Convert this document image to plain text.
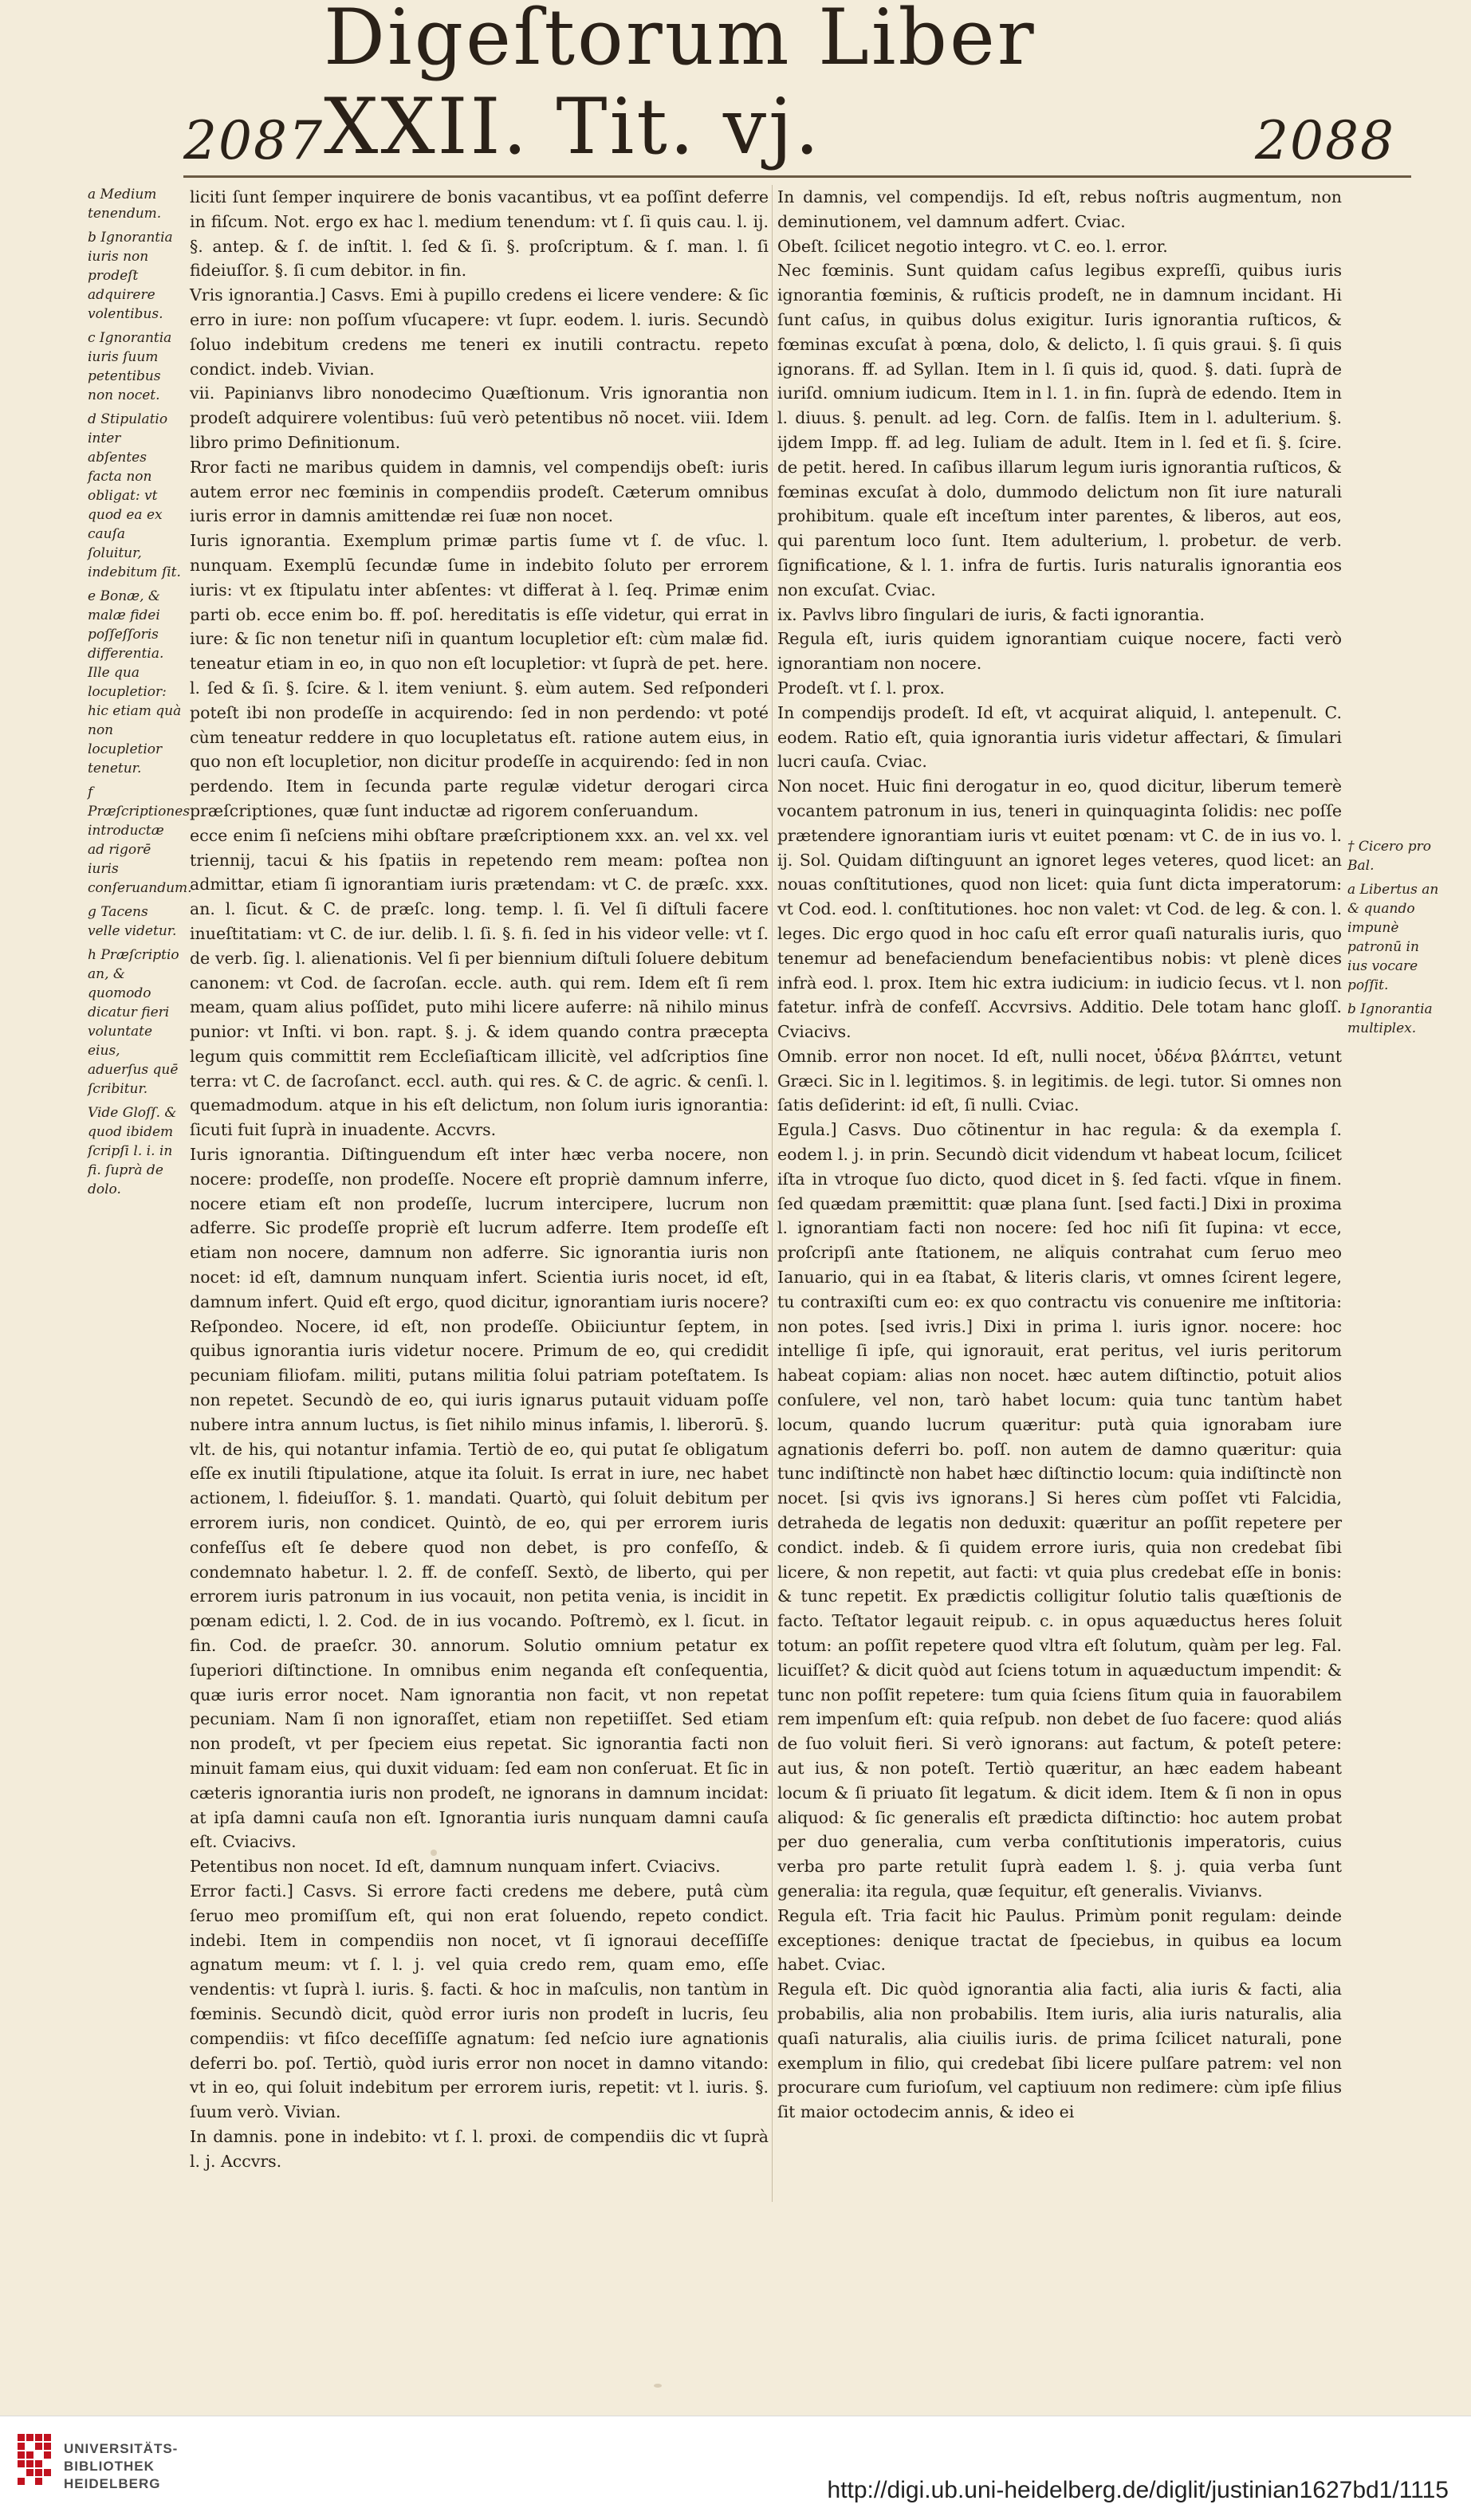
2087
Digeſtorum Liber XXII. Tit. vj.	2088

a Medium tenendum.

b Ignorantia iuris non prodeſt adquirere volentibus.

c Ignorantia iuris ſuum petentibus non nocet.

d Stipulatio inter abſentes facta non obligat: vt quod ea ex cauſa ſoluitur, indebitum ſit.

e Bonæ, & malæ fidei poſſeſſoris differentia. Ille qua locupletior: hic etiam quà non locupletior tenetur.

f Præſcriptiones introductæ ad rigorē iuris conſeruandum.

g Tacens velle videtur.

h Præſcriptio an, & quomodo dicatur fieri voluntate eius, aduerſus quē ſcribitur.

Vide Gloſſ. & quod ibidem ſcripſi l. i. in fi. ſuprà de dolo.

liciti ſunt ſemper inquirere de bonis vacantibus, vt ea poſſint deferre in fiſcum. Not. ergo ex hac l. medium tenendum: vt ſ. ſi quis cau. l. ij. §. antep. & ſ. de inſtit. l. ſed & ſi. §. proſcriptum. & ſ. man. l. ſi fideiuſſor. §. ſi cum debitor. in fin.

Vris ignorantia.] Casvs. Emi à pupillo credens ei licere vendere: & ſic erro in iure: non poſſum vſucapere: vt ſupr. eodem. l. iuris. Secundò ſoluo indebitum credens me teneri ex inutili contractu. repeto condict. indeb. Vivian.

vii. Papinianvs libro nonodecimo Quæſtionum. Vris ignorantia non prodeſt adquirere volentibus: ſuū verò petentibus nõ nocet. viii. Idem libro primo Definitionum.

Rror facti ne maribus quidem in damnis, vel compendijs obeſt: iuris autem error nec fœminis in compendiis prodeſt. Cæterum omnibus iuris error in damnis amittendæ rei ſuæ non nocet.

Iuris ignorantia. Exemplum primæ partis ſume vt ſ. de vſuc. l. nunquam. Exemplū ſecundæ ſume in indebito ſoluto per errorem iuris: vt ex ſtipulatu inter abſentes: vt differat à l. ſeq. Primæ enim parti ob. ecce enim bo. ff. poſ. hereditatis is eſſe videtur, qui errat in iure: & ſic non tenetur niſi in quantum locupletior eſt: cùm malæ fid. teneatur etiam in eo, in quo non eſt locupletior: vt ſuprà de pet. here. l. ſed & ſi. §. ſcire. & l. item veniunt. §. eùm autem. Sed reſponderi poteſt ibi non prodeſſe in acquirendo: ſed in non perdendo: vt poté cùm teneatur reddere in quo locupletatus eſt. ratione autem eius, in quo non eſt locupletior, non dicitur prodeſſe in acquirendo: ſed in non perdendo. Item in ſecunda parte regulæ videtur derogari circa præſcriptiones, quæ ſunt inductæ ad rigorem conſeruandum.

ecce enim ſi neſciens mihi obſtare præſcriptionem xxx. an. vel xx. vel triennij, tacui & his ſpatiis in repetendo rem meam: poſtea non admittar, etiam ſi ignorantiam iuris prætendam: vt C. de præſc. xxx. an. l. ſicut. & C. de præſc. long. temp. l. ſi. Vel ſi diſtuli facere inueſtitatiam: vt C. de iur. delib. l. ſi. §. fi. ſed in his videor velle: vt ſ. de verb. ſig. l. alienationis. Vel ſi per biennium diſtuli ſoluere debitum canonem: vt Cod. de ſacroſan. eccle. auth. qui rem. Idem eſt ſi rem meam, quam alius poſſidet, puto mihi licere auferre: nã nihilo minus punior: vt Inſti. vi bon. rapt. §. j. & idem quando contra præcepta legum quis committit rem Eccleſiaſticam illicitè, vel adſcriptios ſine terra: vt C. de ſacroſanct. eccl. auth. qui res. & C. de agric. & cenſi. l. quemadmodum. atque in his eſt delictum, non ſolum iuris ignorantia: ſicuti fuit ſuprà in inuadente. Accvrs.

Iuris ignorantia. Diſtinguendum eſt inter hæc verba nocere, non nocere: prodeſſe, non prodeſſe. Nocere eſt propriè damnum inferre, nocere etiam eſt non prodeſſe, lucrum intercipere, lucrum non adferre. Sic prodeſſe propriè eſt lucrum adferre. Item prodeſſe eſt etiam non nocere, damnum non adferre. Sic ignorantia iuris non nocet: id eſt, damnum nunquam infert. Scientia iuris nocet, id eſt, damnum infert. Quid eſt ergo, quod dicitur, ignorantiam iuris nocere? Reſpondeo. Nocere, id eſt, non prodeſſe. Obiiciuntur ſeptem, in quibus ignorantia iuris videtur nocere. Primum de eo, qui credidit pecuniam filiofam. militi, putans militia ſolui patriam poteſtatem. Is non repetet. Secundò de eo, qui iuris ignarus putauit viduam poſſe nubere intra annum luctus, is ſiet nihilo minus infamis, l. liberorū. §. vlt. de his, qui notantur infamia. Tertiò de eo, qui putat ſe obligatum eſſe ex inutili ſtipulatione, atque ita ſoluit. Is errat in iure, nec habet actionem, l. fideiuſſor. §. 1. mandati. Quartò, qui ſoluit debitum per errorem iuris, non condicet. Quintò, de eo, qui per errorem iuris confeſſus eſt ſe debere quod non debet, is pro confeſſo, & condemnato habetur. l. 2. ff. de confeſſ. Sextò, de liberto, qui per errorem iuris patronum in ius vocauit, non petita venia, is incidit in pœnam edicti, l. 2. Cod. de in ius vocando. Poſtremò, ex l. ſicut. in fin. Cod. de praeſcr. 30. annorum. Solutio omnium petatur ex ſuperiori diſtinctione. In omnibus enim neganda eſt conſequentia, quæ iuris error nocet. Nam ignorantia non facit, vt non repetat pecuniam. Nam ſi non ignoraſſet, etiam non repetiiſſet. Sed etiam non prodeſt, vt per ſpeciem eius repetat. Sic ignorantia facti non minuit famam eius, qui duxit viduam: ſed eam non conſeruat. Et ſic in cæteris ignorantia iuris non prodeſt, ne ignorans in damnum incidat: at ipſa damni cauſa non eſt. Ignorantia iuris nunquam damni cauſa eſt. Cviacivs.

Petentibus non nocet. Id eſt, damnum nunquam infert. Cviacivs.

Error facti.] Casvs. Si errore facti credens me debere, putâ cùm ſeruo meo promiſſum eſt, qui non erat ſoluendo, repeto condict. indebi. Item in compendiis non nocet, vt ſi ignoraui deceſſiſſe agnatum meum: vt ſ. l. j. vel quia credo rem, quam emo, eſſe vendentis: vt ſuprà l. iuris. §. facti. & hoc in maſculis, non tantùm in fœminis. Secundò dicit, quòd error iuris non prodeſt in lucris, ſeu compendiis: vt fiſco deceſſiſſe agnatum: ſed neſcio iure agnationis deferri bo. poſ. Tertiò, quòd iuris error non nocet in damno vitando: vt in eo, qui ſoluit indebitum per errorem iuris, repetit: vt l. iuris. §. ſuum verò. Vivian.

In damnis. pone in indebito: vt ſ. l. proxi. de compendiis dic vt ſuprà l. j. Accvrs.

In damnis, vel compendijs. Id eſt, rebus noſtris augmentum, non deminutionem, vel damnum adfert. Cviac.

Obeſt. ſcilicet negotio integro. vt C. eo. l. error.

Nec fœminis. Sunt quidam caſus legibus expreſſi, quibus iuris ignorantia fœminis, & ruſticis prodeſt, ne in damnum incidant. Hi ſunt caſus, in quibus dolus exigitur. Iuris ignorantia ruſticos, & fœminas excuſat à pœna, dolo, & delicto, l. ſi quis graui. §. ſi quis ignorans. ff. ad Syllan. Item in l. ſi quis id, quod. §. dati. ſuprà de iuriſd. omnium iudicum. Item in l. 1. in fin. ſuprà de edendo. Item in l. diuus. §. penult. ad leg. Corn. de falſis. Item in l. adulterium. §. ijdem Impp. ff. ad leg. Iuliam de adult. Item in l. ſed et ſi. §. ſcire. de petit. hered. In caſibus illarum legum iuris ignorantia ruſticos, & fœminas excuſat à dolo, dummodo delictum non ſit iure naturali prohibitum. quale eſt inceſtum inter parentes, & liberos, aut eos, qui parentum loco ſunt. Item adulterium, l. probetur. de verb. ſignificatione, & l. 1. infra de furtis. Iuris naturalis ignorantia eos non excuſat. Cviac.

ix. Pavlvs libro ſingulari de iuris, & facti ignorantia.

Regula eſt, iuris quidem ignorantiam cuique nocere, facti verò ignorantiam non nocere.

Prodeſt. vt ſ. l. prox.

In compendijs prodeſt. Id eſt, vt acquirat aliquid, l. antepenult. C. eodem. Ratio eſt, quia ignorantia iuris videtur affectari, & ſimulari lucri cauſa. Cviac.

Non nocet. Huic fini derogatur in eo, quod dicitur, liberum temerè vocantem patronum in ius, teneri in quinquaginta ſolidis: nec poſſe prætendere ignorantiam iuris vt euitet pœnam: vt C. de in ius vo. l. ij. Sol. Quidam diſtinguunt an ignoret leges veteres, quod licet: an nouas conſtitutiones, quod non licet: quia ſunt dicta imperatorum: vt Cod. eod. l. conſtitutiones. hoc non valet: vt Cod. de leg. & con. l. leges. Dic ergo quod in hoc caſu eſt error quaſi naturalis iuris, quo tenemur ad benefaciendum benefacientibus nobis: vt plenè dices infrà eod. l. prox. Item hic extra iudicium: in iudicio ſecus. vt l. non fatetur. infrà de confeſſ. Accvrsivs. Additio. Dele totam hanc gloſſ. Cviacivs.

Omnib. error non nocet. Id eſt, nulli nocet, ὑδένα βλάπτει, vetunt Græci. Sic in l. legitimos. §. in legitimis. de legi. tutor. Si omnes non ſatis deſiderint: id eſt, ſi nulli. Cviac.

Egula.] Casvs. Duo cõtinentur in hac regula: & da exempla ſ. eodem l. j. in prin. Secundò dicit videndum vt habeat locum, ſcilicet iſta in vtroque ſuo dicto, quod dicet in §. ſed facti. vſque in finem. ſed quædam præmittit: quæ plana ſunt. [sed facti.] Dixi in proxima l. ignorantiam facti non nocere: ſed hoc niſi ſit ſupina: vt ecce, proſcripſi ante ſtationem, ne aliquis contrahat cum ſeruo meo Ianuario, qui in ea ſtabat, & literis claris, vt omnes ſcirent legere, tu contraxiſti cum eo: ex quo contractu vis conuenire me inſtitoria: non potes. [sed ivris.] Dixi in prima l. iuris ignor. nocere: hoc intellige ſi ipſe, qui ignorauit, erat peritus, vel iuris peritorum habeat copiam: alias non nocet. hæc autem diſtinctio, potuit alios conſulere, vel non, tarò habet locum: quia tunc tantùm habet locum, quando lucrum quæritur: putà quia ignorabam iure agnationis deferri bo. poſſ. non autem de damno quæritur: quia tunc indiſtinctè non habet hæc diſtinctio locum: quia indiſtinctè non nocet. [si qvis ivs ignorans.] Si heres cùm poſſet vti Falcidia, detraheda de legatis non deduxit: quæritur an poſſit repetere per condict. indeb. & ſi quidem errore iuris, quia non credebat ſibi licere, & non repetit, aut facti: vt quia plus credebat eſſe in bonis: & tunc repetit. Ex prædictis colligitur ſolutio talis quæſtionis de facto. Teſtator legauit reipub. c. in opus aquæductus heres ſoluit totum: an poſſit repetere quod vltra eſt ſolutum, quàm per leg. Fal. licuiſſet? & dicit quòd aut ſciens totum in aquæductum impendit: & tunc non poſſit repetere: tum quia ſciens ſitum quia in fauorabilem rem impenſum eſt: quia reſpub. non debet de ſuo facere: quod aliás de ſuo voluit fieri. Si verò ignorans: aut factum, & poteſt petere: aut ius, & non poteſt. Tertiò quæritur, an hæc eadem habeant locum & ſi priuato ſit legatum. & dicit idem. Item & ſi non in opus aliquod: & ſic generalis eſt prædicta diſtinctio: hoc autem probat per duo generalia, cum verba conſtitutionis imperatoris, cuius verba pro parte retulit ſuprà eadem l. §. j. quia verba ſunt generalia: ita regula, quæ ſequitur, eſt generalis. Vivianvs.

Regula eſt. Tria facit hic Paulus. Primùm ponit regulam: deinde exceptiones: denique tractat de ſpeciebus, in quibus ea locum habet. Cviac.

Regula eſt. Dic quòd ignorantia alia facti, alia iuris & facti, alia probabilis, alia non probabilis. Item iuris, alia iuris naturalis, alia quaſi naturalis, alia ciuilis iuris. de prima ſcilicet naturali, pone exemplum in filio, qui credebat ſibi licere pulſare patrem: vel non procurare cum furioſum, vel captiuum non redimere: cùm ipſe filius ſit maior octodecim annis, & ideo ei

† Cicero pro Bal.

a Libertus an & quando impunè patronū in ius vocare poſſit.

b Ignorantia multiplex.

UNIVERSITÄTS-
BIBLIOTHEK
HEIDELBERG	http://digi.ub.uni-heidelberg.de/diglit/justinian1627bd1/1115
